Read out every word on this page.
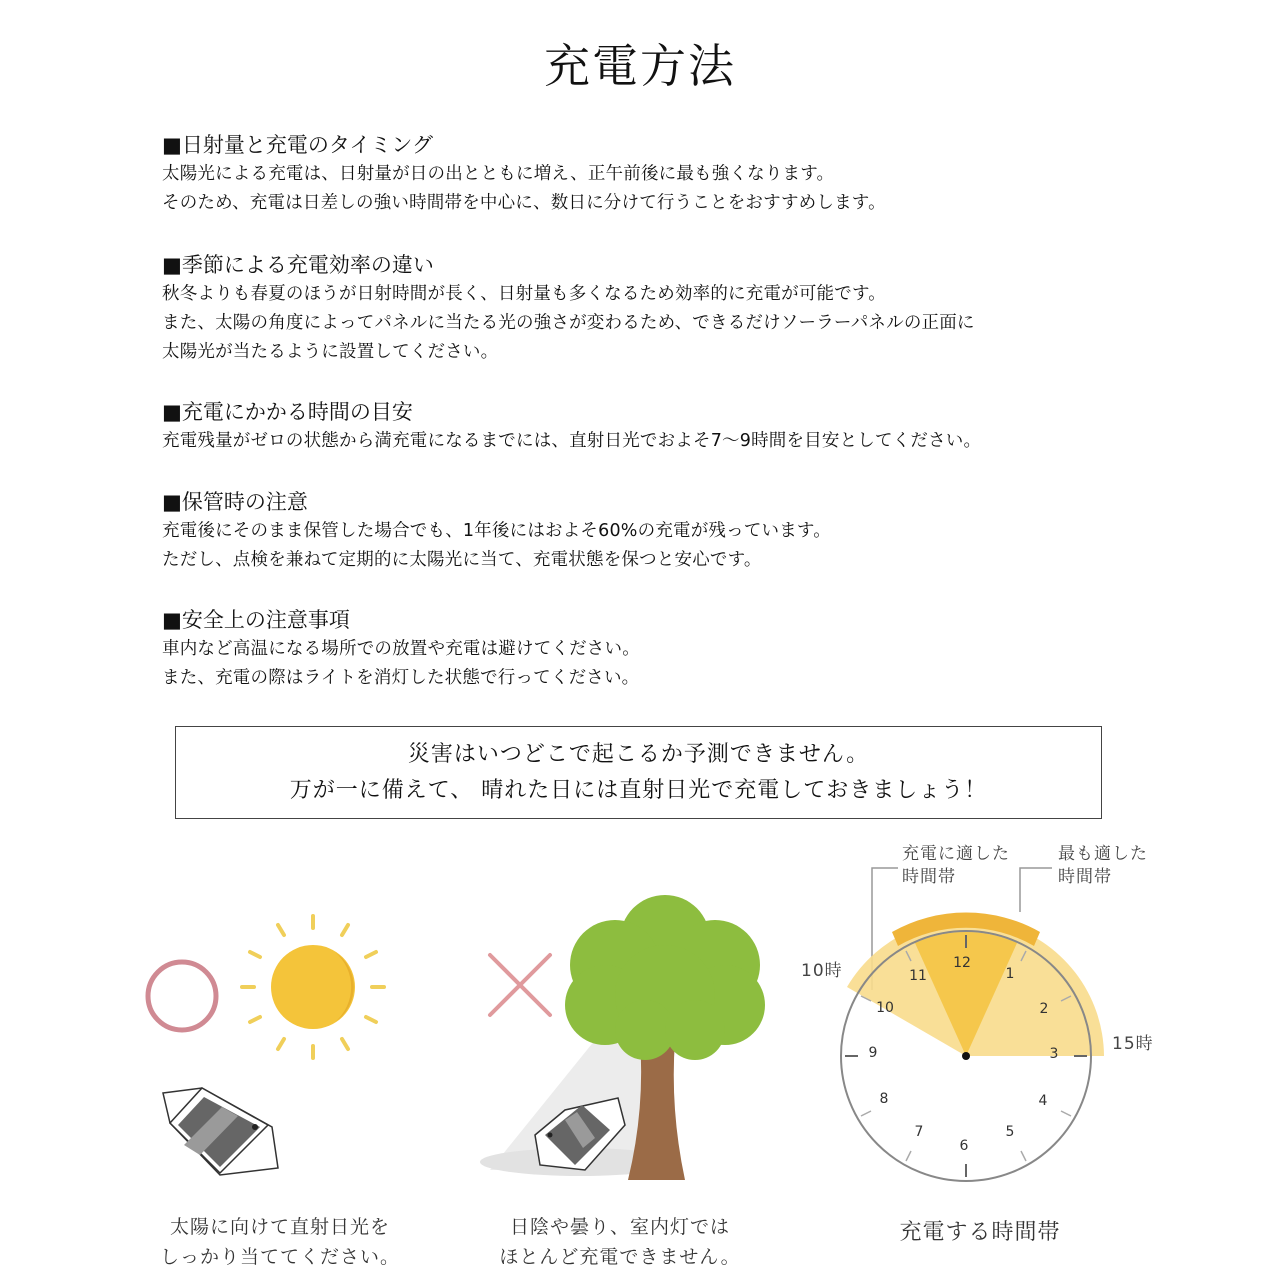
充電方法
■日射量と充電のタイミング
太陽光による充電は、日射量が日の出とともに増え、正午前後に最も強くなります。
そのため、充電は日差しの強い時間帯を中心に、数日に分けて行うことをおすすめします。
■季節による充電効率の違い
秋冬よりも春夏のほうが日射時間が長く、日射量も多くなるため効率的に充電が可能です。
また、太陽の角度によってパネルに当たる光の強さが変わるため、できるだけソーラーパネルの正面に
太陽光が当たるように設置してください。
■充電にかかる時間の目安
充電残量がゼロの状態から満充電になるまでには、直射日光でおよそ7〜9時間を目安としてください。
■保管時の注意
充電後にそのまま保管した場合でも、1年後にはおよそ60%の充電が残っています。
ただし、点検を兼ねて定期的に太陽光に当て、充電状態を保つと安心です。
■安全上の注意事項
車内など高温になる場所での放置や充電は避けてください。
また、充電の際はライトを消灯した状態で行ってください。
災害はいつどこで起こるか予測できません。
万が一に備えて、 晴れた日には直射日光で充電しておきましょう！
太陽に向けて直射日光を
しっかり当ててください。
日陰や曇り、室内灯では
ほとんど充電できません。
充電に適した
時間帯
最も適した
時間帯
10時
15時
12
1
2
3
4
5
6
7
8
9
10
11
充電する時間帯
